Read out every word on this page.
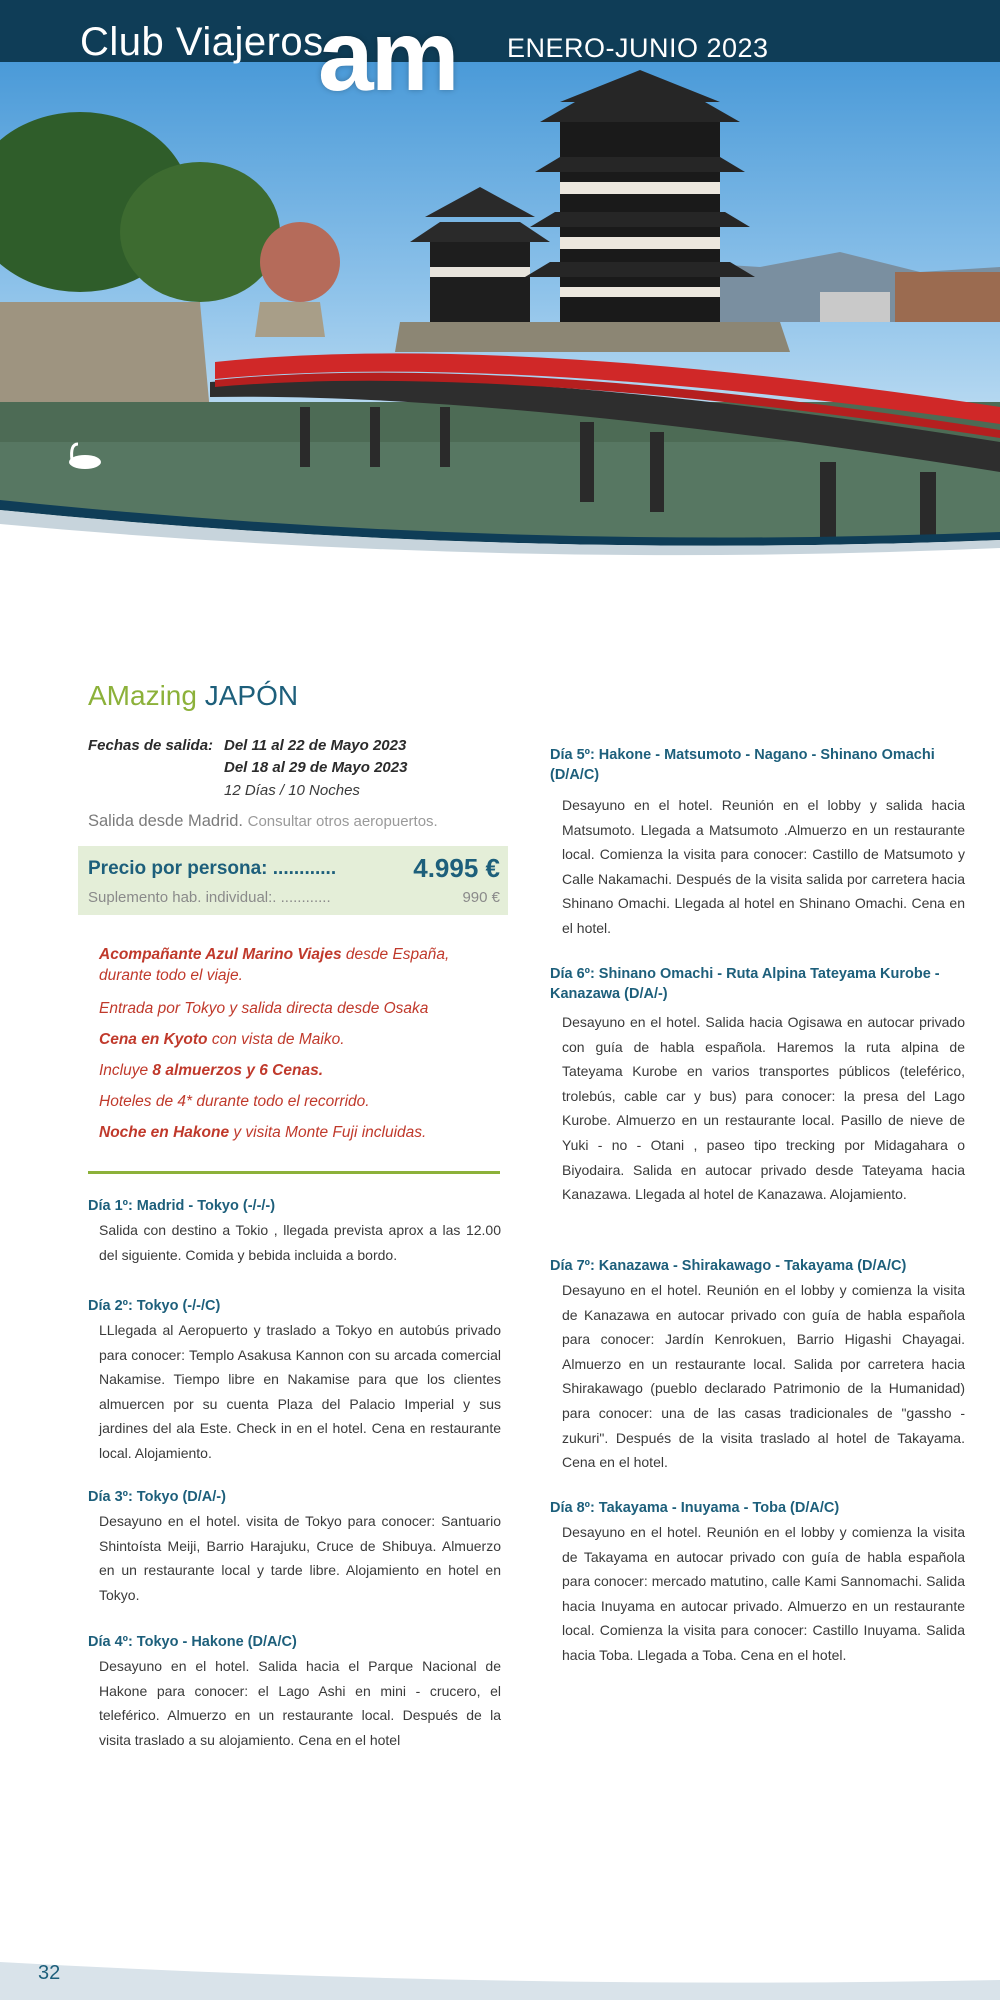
Club Viajeros
am ENERO-JUNIO 2023
AMazing JAPÓN
Fechas de salida: Del 11 al 22 de Mayo 2023
Del 18 al 29 de Mayo 2023
12 Días / 10 Noches
Salida desde Madrid. Consultar otros aeropuertos.
Precio por persona: ............	4.995 €
Suplemento hab. individual:. ............	990 €
Acompañante Azul Marino Viajes desde España, durante todo el viaje.
Entrada por Tokyo y salida directa desde Osaka
Cena en Kyoto con vista de Maiko.
Incluye 8 almuerzos y 6 Cenas.
Hoteles de 4* durante todo el recorrido.
Noche en Hakone y visita Monte Fuji incluidas.
Día 1º: Madrid - Tokyo (-/-/-)
Salida con destino a Tokio , llegada prevista aprox a las 12.00 del siguiente. Comida y bebida incluida a bordo.
Día 2º: Tokyo (-/-/C)
LLlegada al Aeropuerto y traslado a Tokyo en autobús privado para conocer: Templo Asakusa Kannon con su arcada comercial Nakamise. Tiempo libre en Nakamise para que los clientes almuercen por su cuenta Plaza del Palacio Imperial y sus jardines del ala Este. Check in en el hotel. Cena en restaurante local. Alojamiento.
Día 3º: Tokyo (D/A/-)
Desayuno en el hotel. visita de Tokyo para conocer: Santuario Shintoísta Meiji, Barrio Harajuku, Cruce de Shibuya. Almuerzo en un restaurante local y tarde libre. Alojamiento en hotel en Tokyo.
Día 4º: Tokyo - Hakone (D/A/C)
Desayuno en el hotel. Salida hacia el Parque Nacional de Hakone para conocer: el Lago Ashi en mini - crucero, el teleférico. Almuerzo en un restaurante local. Después de la visita traslado a su alojamiento. Cena en el hotel
Día 5º: Hakone - Matsumoto - Nagano - Shinano Omachi (D/A/C)
Desayuno en el hotel. Reunión en el lobby y salida hacia Matsumoto. Llegada a Matsumoto .Almuerzo en un restaurante local. Comienza la visita para conocer: Castillo de Matsumoto y Calle Nakamachi. Después de la visita salida por carretera hacia Shinano Omachi. Llegada al hotel en Shinano Omachi. Cena en el hotel.
Día 6º: Shinano Omachi - Ruta Alpina Tateyama Kurobe - Kanazawa (D/A/-)
Desayuno en el hotel. Salida hacia Ogisawa en autocar privado con guía de habla española. Haremos la ruta alpina de Tateyama Kurobe en varios transportes públicos (teleférico, trolebús, cable car y bus) para conocer: la presa del Lago Kurobe. Almuerzo en un restaurante local. Pasillo de nieve de Yuki - no - Otani , paseo tipo trecking por Midagahara o Biyodaira. Salida en autocar privado desde Tateyama hacia Kanazawa. Llegada al hotel de Kanazawa. Alojamiento.
Día 7º: Kanazawa - Shirakawago - Takayama (D/A/C)
Desayuno en el hotel. Reunión en el lobby y comienza la visita de Kanazawa en autocar privado con guía de habla española para conocer: Jardín Kenrokuen, Barrio Higashi Chayagai. Almuerzo en un restaurante local. Salida por carretera hacia Shirakawago (pueblo declarado Patrimonio de la Humanidad) para conocer: una de las casas tradicionales de "gassho - zukuri". Después de la visita traslado al hotel de Takayama. Cena en el hotel.
Día 8º: Takayama - Inuyama - Toba (D/A/C)
Desayuno en el hotel. Reunión en el lobby y comienza la visita de Takayama en autocar privado con guía de habla española para conocer: mercado matutino, calle Kami Sannomachi. Salida hacia Inuyama en autocar privado. Almuerzo en un restaurante local. Comienza la visita para conocer: Castillo Inuyama. Salida hacia Toba. Llegada a Toba. Cena en el hotel.
32
